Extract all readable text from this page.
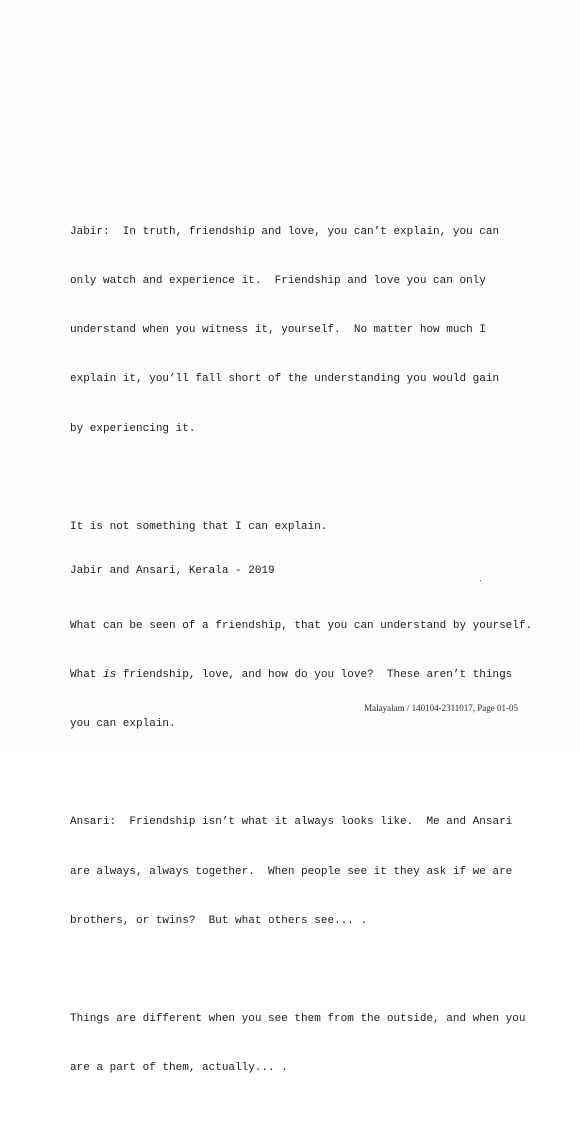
Jabir:  In truth, friendship and love, you can’t explain, you can

only watch and experience it.  Friendship and love you can only

understand when you witness it, yourself.  No matter how much I

explain it, you’ll fall short of the understanding you would gain

by experiencing it.

It is not something that I can explain.

What can be seen of a friendship, that you can understand by yourself.

What is friendship, love, and how do you love?  These aren’t things

you can explain.

Ansari:  Friendship isn’t what it always looks like.  Me and Ansari

are always, always together.  When people see it they ask if we are

brothers, or twins?  But what others see... .

Things are different when you see them from the outside, and when you

are a part of them, actually... .

Jabir and Ansari, Kerala - 2019
Malayalam / 140104-2311017, Page 01-05
